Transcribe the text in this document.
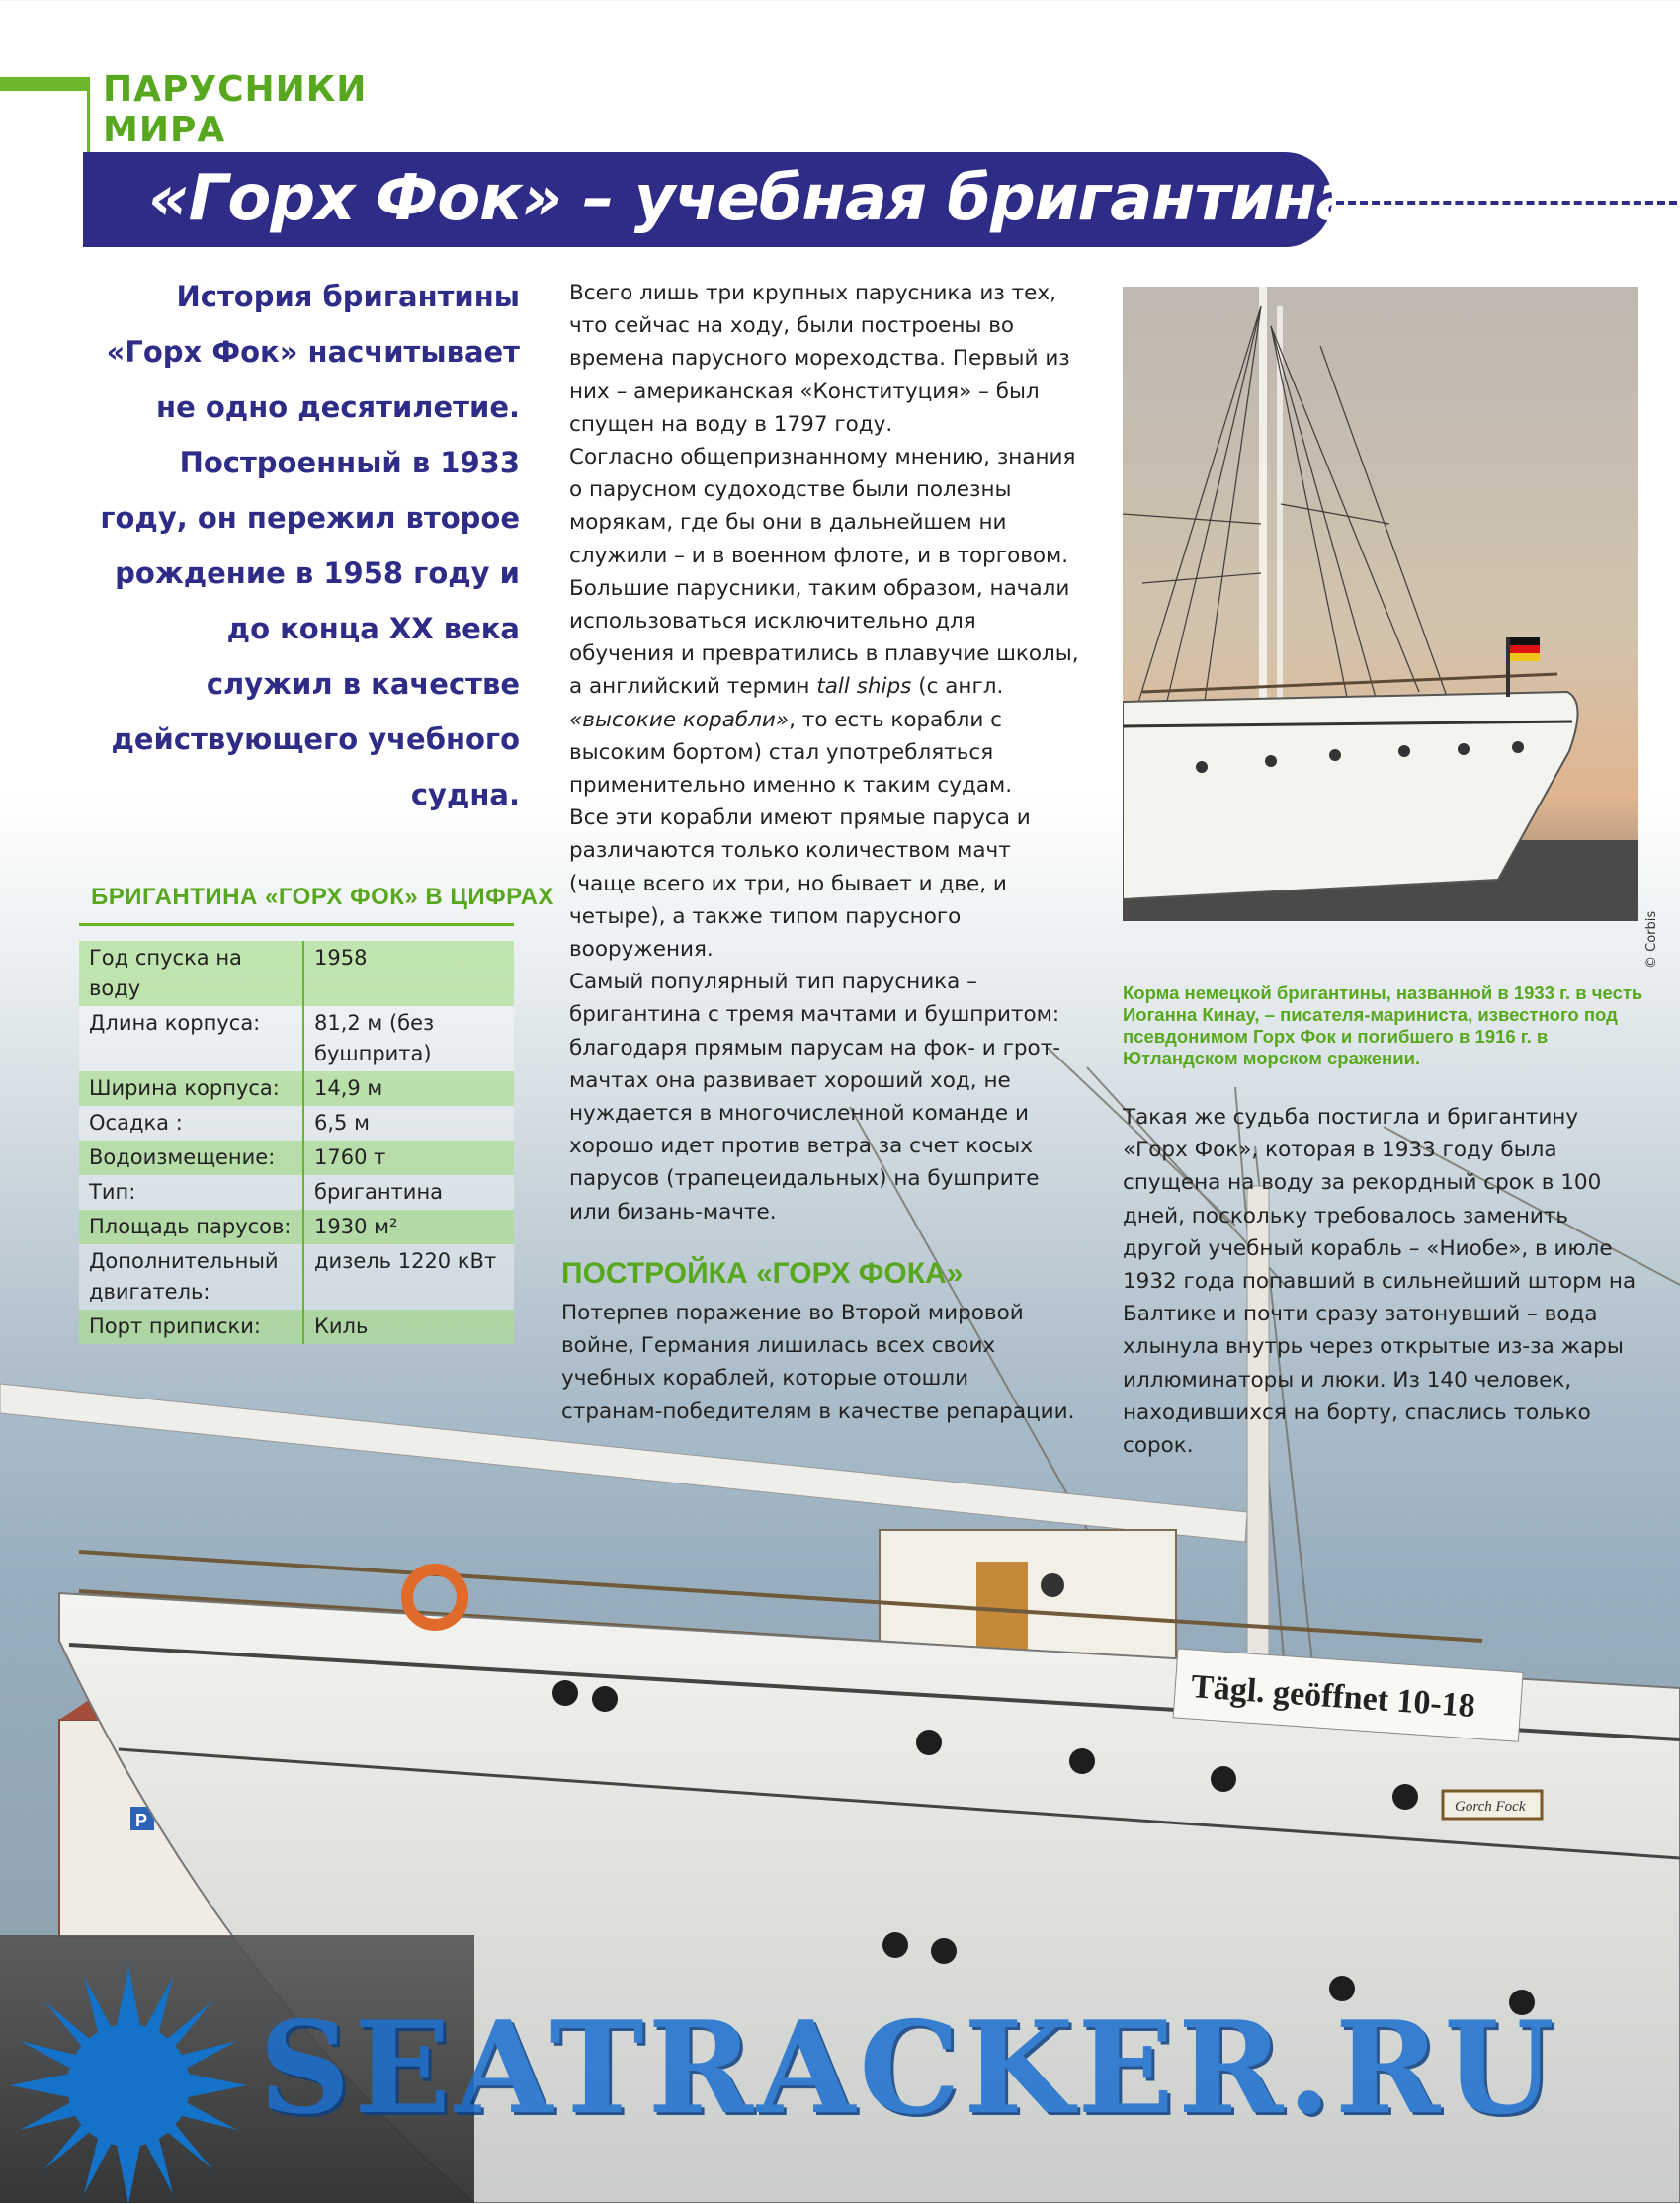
P
Tägl. geöffnet 10-18
Gorch Fock
ПАРУСНИКИ МИРА
«Горх Фок» – учебная бригантина
История бригантины «Горх Фок» насчитывает не одно десятилетие. Построенный в 1933 году, он пережил второе рождение в 1958 году и до конца XX века служил в качестве действующего учебного судна.
БРИГАНТИНА «ГОРХ ФОК» В ЦИФРАХ
Год спуска на воду	1958
Длина корпуса:	81,2 м (без бушприта)
Ширина корпуса:	14,9 м
Осадка :	6,5 м
Водоизмещение:	1760 т
Тип:	бригантина
Площадь парусов:	1930 м²
Дополнительный двигатель:	дизель 1220 кВт
Порт приписки:	Киль

Всего лишь три крупных парусника из тех, что сейчас на ходу, были построены во времена парусного мореходства. Первый из них – американская «Конституция» – был спущен на воду в 1797 году.

Согласно общепризнанному мнению, знания о парусном судоходстве были полезны морякам, где бы они в дальнейшем ни служили – и в военном флоте, и в торговом. Большие парусники, таким образом, начали использоваться исключительно для обучения и превратились в плавучие школы, а английский термин tall ships (с англ. «высокие корабли», то есть корабли с высоким бортом) стал употребляться применительно именно к таким судам.

Все эти корабли имеют прямые паруса и различаются только количеством мачт (чаще всего их три, но бывает и две, и четыре), а также типом парусного вооружения.

Самый популярный тип парусника – бригантина с тремя мачтами и бушпритом: благодаря прямым парусам на фок- и грот-мачтах она развивает хороший ход, не нуждается в многочисленной команде и хорошо идет против ветра за счет косых парусов (трапецеидальных) на бушприте или бизань-мачте.

ПОСТРОЙКА «ГОРХ ФОКА»
Потерпев поражение во Второй мировой войне, Германия лишилась всех своих учебных кораблей, которые отошли странам-победителям в качестве репарации.
© Corbis
Корма немецкой бригантины, названной в 1933 г. в честь Иоганна Кинау, – писателя-мариниста, известного под псевдонимом Горх Фок и погибшего в 1916 г. в Ютландском морском сражении.
Такая же судьба постигла и бригантину «Горх Фок», которая в 1933 году была спущена на воду за рекордный срок в 100 дней, поскольку требовалось заменить другой учебный корабль – «Ниобе», в июле 1932 года попавший в сильнейший шторм на Балтике и почти сразу затонувший – вода хлынула внутрь через открытые из-за жары иллюминаторы и люки. Из 140 человек, находившихся на борту, спаслись только сорок.
SEATRACKER.RU
